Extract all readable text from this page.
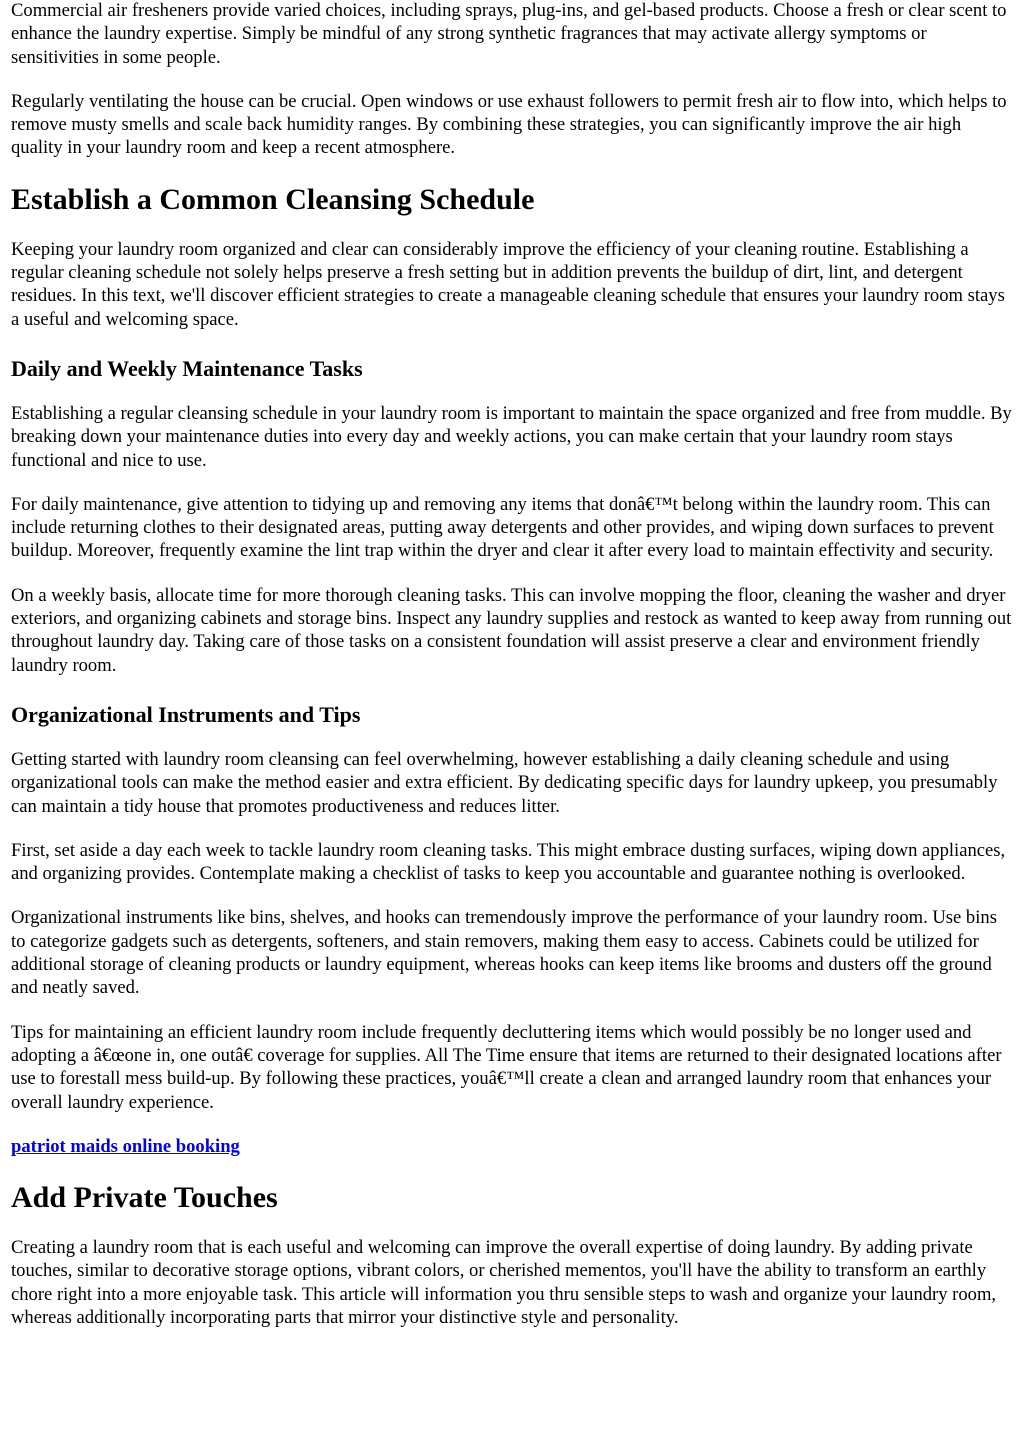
Commercial air fresheners provide varied choices, including sprays, plug-ins, and gel-based products. Choose a fresh or clear scent to enhance the laundry expertise. Simply be mindful of any strong synthetic fragrances that may activate allergy symptoms or sensitivities in some people.

Regularly ventilating the house can be crucial. Open windows or use exhaust followers to permit fresh air to flow into, which helps to remove musty smells and scale back humidity ranges. By combining these strategies, you can significantly improve the air high quality in your laundry room and keep a recent atmosphere.

Establish a Common Cleansing Schedule

Keeping your laundry room organized and clear can considerably improve the efficiency of your cleaning routine. Establishing a regular cleaning schedule not solely helps preserve a fresh setting but in addition prevents the buildup of dirt, lint, and detergent residues. In this text, we'll discover efficient strategies to create a manageable cleaning schedule that ensures your laundry room stays a useful and welcoming space.

Daily and Weekly Maintenance Tasks

Establishing a regular cleansing schedule in your laundry room is important to maintain the space organized and free from muddle. By breaking down your maintenance duties into every day and weekly actions, you can make certain that your laundry room stays functional and nice to use.

For daily maintenance, give attention to tidying up and removing any items that donâ€™t belong within the laundry room. This can include returning clothes to their designated areas, putting away detergents and other provides, and wiping down surfaces to prevent buildup. Moreover, frequently examine the lint trap within the dryer and clear it after every load to maintain effectivity and security.

On a weekly basis, allocate time for more thorough cleaning tasks. This can involve mopping the floor, cleaning the washer and dryer exteriors, and organizing cabinets and storage bins. Inspect any laundry supplies and restock as wanted to keep away from running out throughout laundry day. Taking care of those tasks on a consistent foundation will assist preserve a clear and environment friendly laundry room.

Organizational Instruments and Tips

Getting started with laundry room cleansing can feel overwhelming, however establishing a daily cleaning schedule and using organizational tools can make the method easier and extra efficient. By dedicating specific days for laundry upkeep, you presumably can maintain a tidy house that promotes productiveness and reduces litter.

First, set aside a day each week to tackle laundry room cleaning tasks. This might embrace dusting surfaces, wiping down appliances, and organizing provides. Contemplate making a checklist of tasks to keep you accountable and guarantee nothing is overlooked.

Organizational instruments like bins, shelves, and hooks can tremendously improve the performance of your laundry room. Use bins to categorize gadgets such as detergents, softeners, and stain removers, making them easy to access. Cabinets could be utilized for additional storage of cleaning products or laundry equipment, whereas hooks can keep items like brooms and dusters off the ground and neatly saved.

Tips for maintaining an efficient laundry room include frequently decluttering items which would possibly be no longer used and adopting a â€œone in, one outâ€ coverage for supplies. All The Time ensure that items are returned to their designated locations after use to forestall mess build-up. By following these practices, youâ€™ll create a clean and arranged laundry room that enhances your overall laundry experience.

patriot maids online booking
Add Private Touches

Creating a laundry room that is each useful and welcoming can improve the overall expertise of doing laundry. By adding private touches, similar to decorative storage options, vibrant colors, or cherished mementos, you'll have the ability to transform an earthly chore right into a more enjoyable task. This article will information you thru sensible steps to wash and organize your laundry room, whereas additionally incorporating parts that mirror your distinctive style and personality.
